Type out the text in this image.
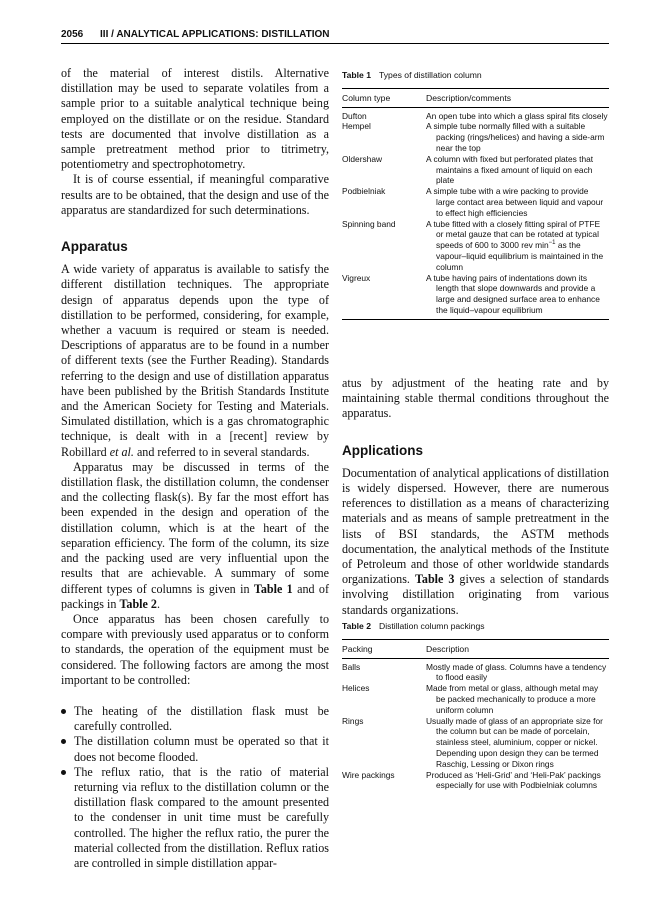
2056 III / ANALYTICAL APPLICATIONS: DISTILLATION

of the material of interest distils. Alternative distillation may be used to separate volatiles from a sample prior to a suitable analytical technique being employed on the distillate or on the residue. Standard tests are documented that involve distillation as a sample pretreatment method prior to titrimetry, potentiometry and spectrophotometry.

It is of course essential, if meaningful comparative results are to be obtained, that the design and use of the apparatus are standardized for such determinations.

Apparatus

A wide variety of apparatus is available to satisfy the different distillation techniques. The appropriate design of apparatus depends upon the type of distillation to be performed, considering, for example, whether a vacuum is required or steam is needed. Descriptions of apparatus are to be found in a number of different texts (see the Further Reading). Standards referring to the design and use of distillation apparatus have been published by the British Standards Institute and the American Society for Testing and Materials. Simulated distillation, which is a gas chromatographic technique, is dealt with in a [recent] review by Robillard et al. and referred to in several standards.

Apparatus may be discussed in terms of the distillation flask, the distillation column, the condenser and the collecting flask(s). By far the most effort has been expended in the design and operation of the distillation column, which is at the heart of the separation efficiency. The form of the column, its size and the packing used are very influential upon the results that are achievable. A summary of some different types of columns is given in Table 1 and of packings in Table 2.

Once apparatus has been chosen carefully to compare with previously used apparatus or to conform to standards, the operation of the equipment must be considered. The following factors are among the most important to be controlled:

The heating of the distillation flask must be carefully controlled.
The distillation column must be operated so that it does not become flooded.
The reflux ratio, that is the ratio of material returning via reflux to the distillation column or the distillation flask compared to the amount presented to the condenser in unit time must be carefully controlled. The higher the reflux ratio, the purer the material collected from the distillation. Reflux ratios are controlled in simple distillation appar-
Table 1 Types of distillation column
Column type	Description/comments
Dufton	An open tube into which a glass spiral fits closely
Hempel	A simple tube normally filled with a suitable packing (rings/helices) and having a side-arm near the top
Oldershaw	A column with fixed but perforated plates that maintains a fixed amount of liquid on each plate
Podbielniak	A simple tube with a wire packing to provide large contact area between liquid and vapour to effect high efficiencies
Spinning band	A tube fitted with a closely fitting spiral of PTFE or metal gauze that can be rotated at typical speeds of 600 to 3000 rev $\min^{-1}$ as the vapour–liquid equilibrium is maintained in the column
Vigreux	A tube having pairs of indentations down its length that slope downwards and provide a large and designed surface area to enhance the liquid–vapour equilibrium

atus by adjustment of the heating rate and by maintaining stable thermal conditions throughout the apparatus.

Applications

Documentation of analytical applications of distillation is widely dispersed. However, there are numerous references to distillation as a means of characterizing materials and as means of sample pretreatment in the lists of BSI standards, the ASTM methods documentation, the analytical methods of the Institute of Petroleum and those of other worldwide standards organizations. Table 3 gives a selection of standards involving distillation originating from various standards organizations.

Table 2 Distillation column packings
Packing	Description
Balls	Mostly made of glass. Columns have a tendency to flood easily
Helices	Made from metal or glass, although metal may be packed mechanically to produce a more uniform column
Rings	Usually made of glass of an appropriate size for the column but can be made of porcelain, stainless steel, aluminium, copper or nickel. Depending upon design they can be termed Raschig, Lessing or Dixon rings
Wire packings	Produced as ‘Heli-Grid’ and ‘Heli-Pak’ packings especially for use with Podbielniak columns
